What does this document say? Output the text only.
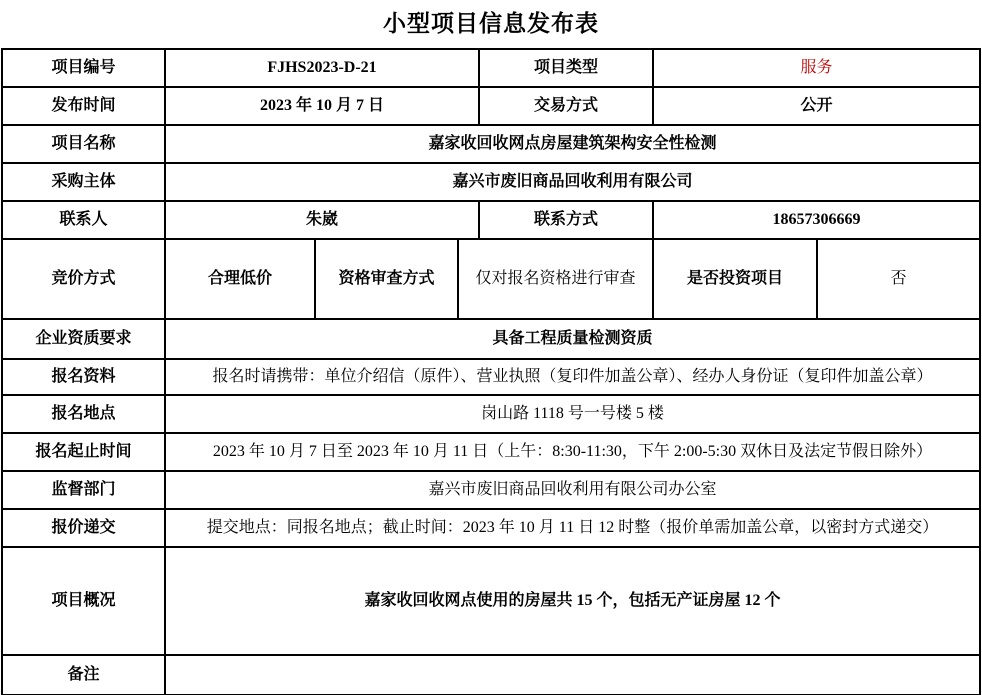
小型项目信息发布表
项目编号	FJHS2023-D-21	项目类型	服务
发布时间	2023 年 10 月 7 日	交易方式	公开
项目名称	嘉家收回收网点房屋建筑架构安全性检测
采购主体	嘉兴市废旧商品回收利用有限公司
联系人	朱崴	联系方式	18657306669
竞价方式	合理低价	资格审查方式	仅对报名资格进行审查	是否投资项目	否
企业资质要求	具备工程质量检测资质
报名资料	报名时请携带：单位介绍信（原件）、营业执照（复印件加盖公章）、经办人身份证（复印件加盖公章）
报名地点	岗山路 1118 号一号楼 5 楼
报名起止时间	2023 年 10 月 7 日至 2023 年 10 月 11 日（上午：8:30-11:30，下午 2:00-5:30 双休日及法定节假日除外）
监督部门	嘉兴市废旧商品回收利用有限公司办公室
报价递交	提交地点：同报名地点；截止时间：2023 年 10 月 11 日 12 时整（报价单需加盖公章，以密封方式递交）
项目概况	嘉家收回收网点使用的房屋共 15 个，包括无产证房屋 12 个
备注
